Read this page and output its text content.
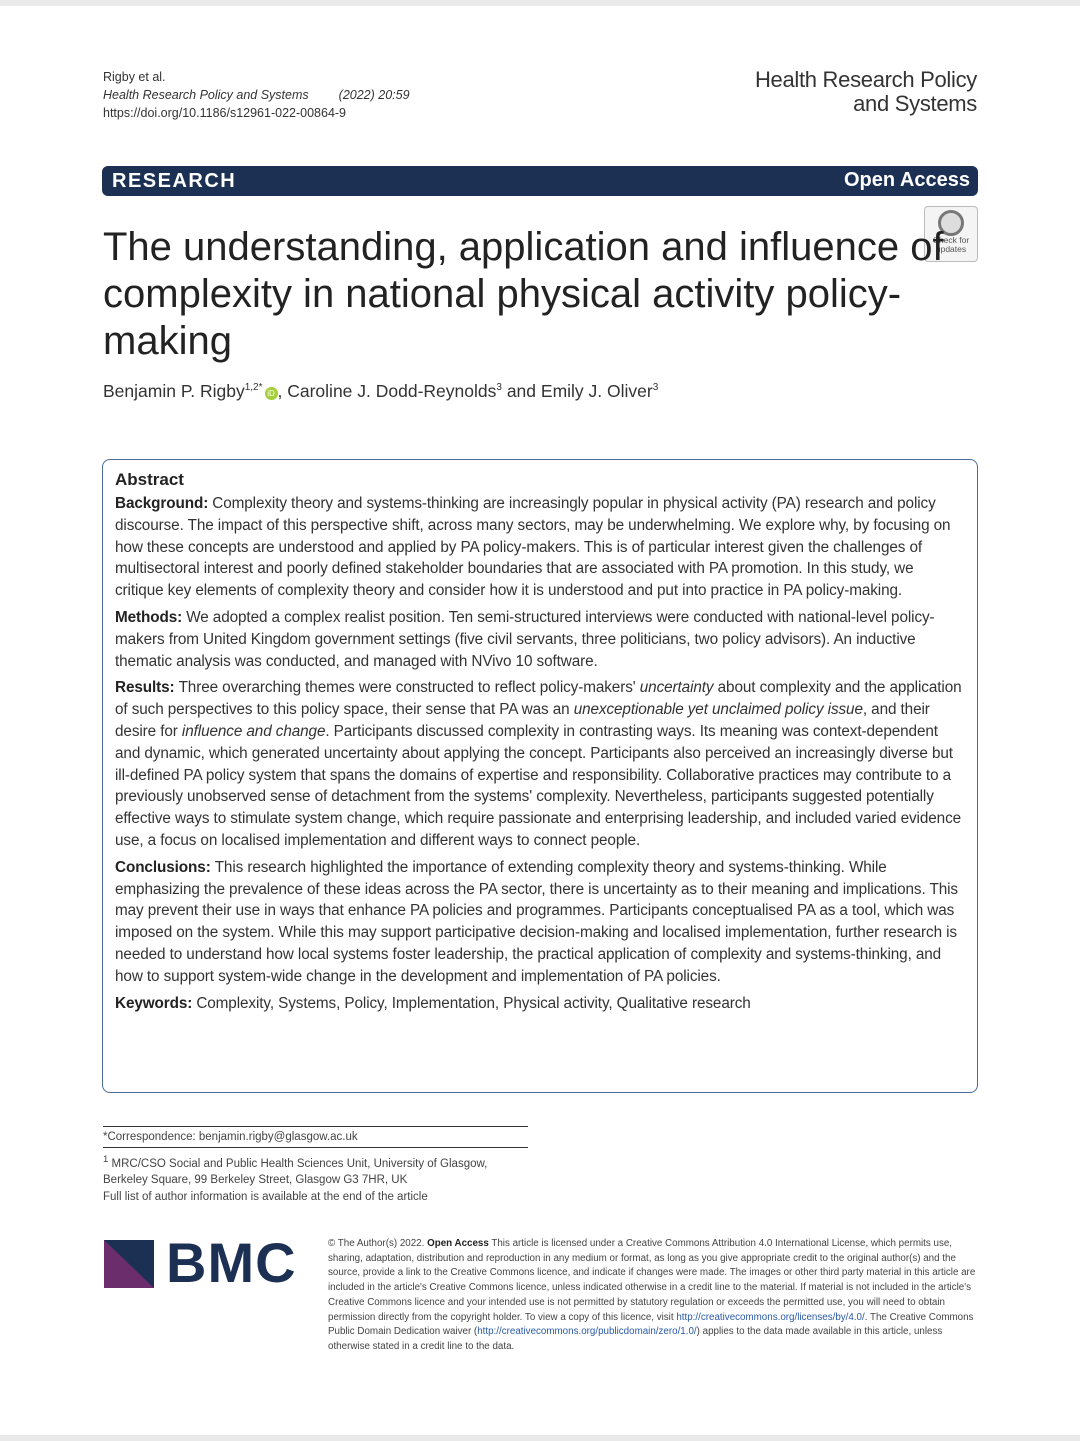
Rigby et al.
Health Research Policy and Systems (2022) 20:59
https://doi.org/10.1186/s12961-022-00864-9
Health Research Policy
and Systems
RESEARCH	Open Access
Check for
updates
The understanding, application and influence of complexity in national physical activity policy-making
Benjamin P. Rigby$^{1,2*}$iD , Caroline J. Dodd-Reynolds$^3$ and Emily J. Oliver$^3$
Abstract

Background: Complexity theory and systems-thinking are increasingly popular in physical activity (PA) research and policy discourse. The impact of this perspective shift, across many sectors, may be underwhelming. We explore why, by focusing on how these concepts are understood and applied by PA policy-makers. This is of particular interest given the challenges of multisectoral interest and poorly defined stakeholder boundaries that are associated with PA promotion. In this study, we critique key elements of complexity theory and consider how it is understood and put into practice in PA policy-making.

Methods: We adopted a complex realist position. Ten semi-structured interviews were conducted with national-level policy-makers from United Kingdom government settings (five civil servants, three politicians, two policy advisors). An inductive thematic analysis was conducted, and managed with NVivo 10 software.

Results: Three overarching themes were constructed to reflect policy-makers' uncertainty about complexity and the application of such perspectives to this policy space, their sense that PA was an unexceptionable yet unclaimed policy issue, and their desire for influence and change. Participants discussed complexity in contrasting ways. Its meaning was context-dependent and dynamic, which generated uncertainty about applying the concept. Participants also perceived an increasingly diverse but ill-defined PA policy system that spans the domains of expertise and responsibility. Collaborative practices may contribute to a previously unobserved sense of detachment from the systems' complexity. Nevertheless, participants suggested potentially effective ways to stimulate system change, which require passionate and enterprising leadership, and included varied evidence use, a focus on localised implementation and different ways to connect people.

Conclusions: This research highlighted the importance of extending complexity theory and systems-thinking. While emphasizing the prevalence of these ideas across the PA sector, there is uncertainty as to their meaning and implications. This may prevent their use in ways that enhance PA policies and programmes. Participants conceptualised PA as a tool, which was imposed on the system. While this may support participative decision-making and localised implementation, further research is needed to understand how local systems foster leadership, the practical application of complexity and systems-thinking, and how to support system-wide change in the development and implementation of PA policies.

Keywords: Complexity, Systems, Policy, Implementation, Physical activity, Qualitative research

*Correspondence: benjamin.rigby@glasgow.ac.uk
$^1$ MRC/CSO Social and Public Health Sciences Unit, University of Glasgow, Berkeley Square, 99 Berkeley Street, Glasgow G3 7HR, UK
Full list of author information is available at the end of the article
BMC	© The Author(s) 2022. Open Access This article is licensed under a Creative Commons Attribution 4.0 International License, which permits use, sharing, adaptation, distribution and reproduction in any medium or format, as long as you give appropriate credit to the original author(s) and the source, provide a link to the Creative Commons licence, and indicate if changes were made. The images or other third party material in this article are included in the article's Creative Commons licence, unless indicated otherwise in a credit line to the material. If material is not included in the article's Creative Commons licence and your intended use is not permitted by statutory regulation or exceeds the permitted use, you will need to obtain permission directly from the copyright holder. To view a copy of this licence, visit http://creativecommons.org/licenses/by/4.0/. The Creative Commons Public Domain Dedication waiver (http://creativecommons.org/publicdomain/zero/1.0/) applies to the data made available in this article, unless otherwise stated in a credit line to the data.
